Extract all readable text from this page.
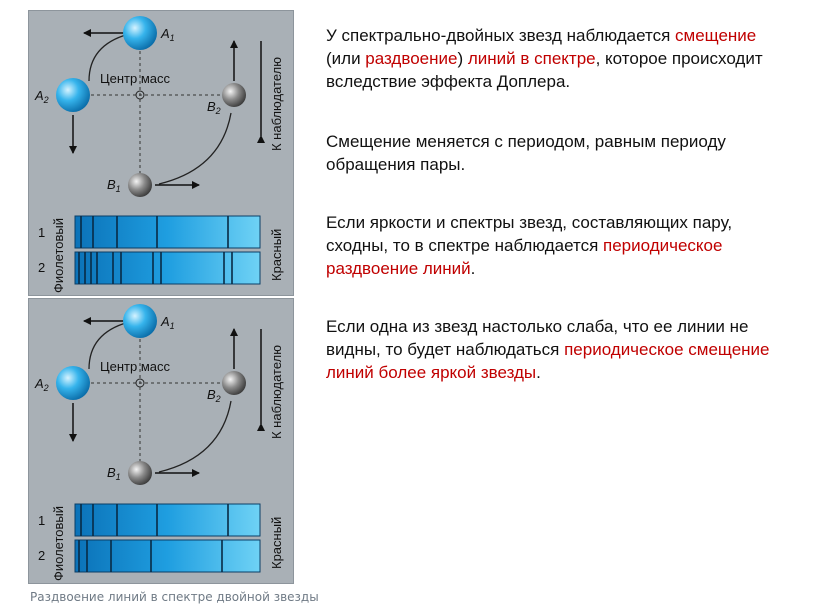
$A_1$
$A_2$
$B_1$
$B_2$
Центр масс	К наблюдателю
Фиолетовый	Красный
1
2
$A_1$
$A_2$
$B_1$
$B_2$
Центр масс	К наблюдателю
Фиолетовый	Красный
1
2
Раздвоение линий в спектре двойной звезды
У спектрально-двойных звезд наблюдается смещение (или раздвоение) линий в спектре, которое происходит вследствие эффекта Доплера.
Смещение меняется с периодом, равным периоду обращения пары.
Если яркости и спектры звезд, составляющих пару, сходны, то в спектре наблюдается периодическое раздвоение линий.
Если одна из звезд настолько слаба, что ее линии не видны, то будет наблюдаться периодическое смещение линий более яркой звезды.
